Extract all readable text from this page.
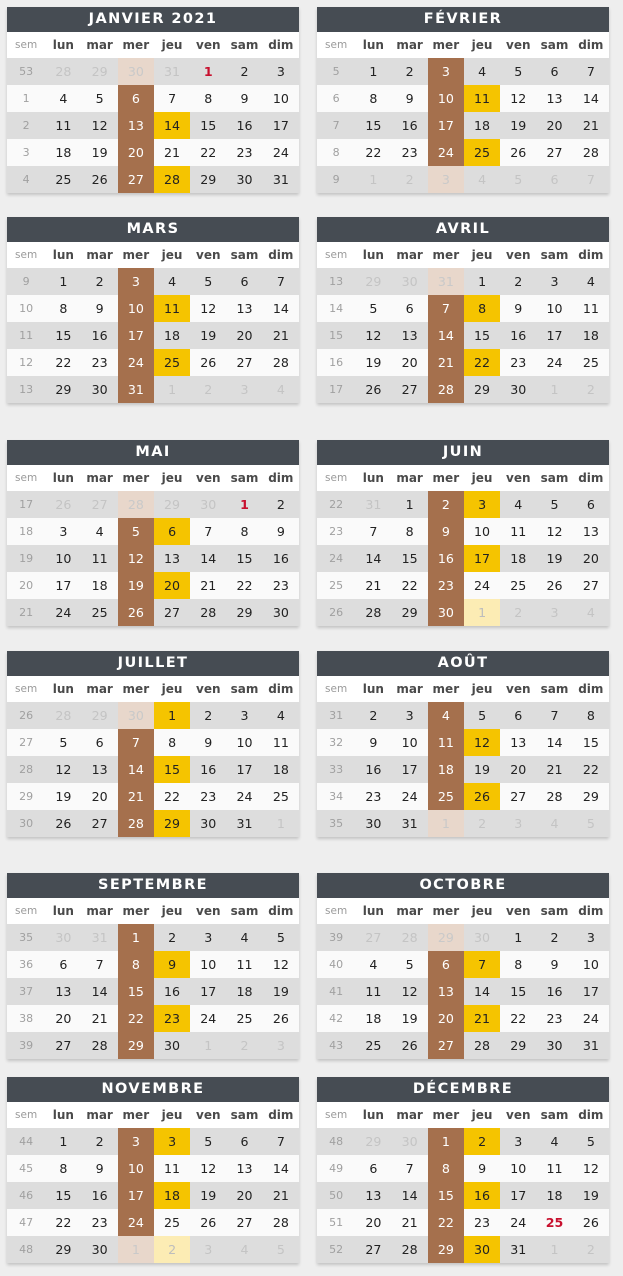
JANVIER 2021
sem	lun	mar	mer	jeu	ven	sam	dim
53	28	29	30	31	1	2	3
1	4	5	6	7	8	9	10
2	11	12	13	14	15	16	17
3	18	19	20	21	22	23	24
4	25	26	27	28	29	30	31
FÉVRIER
sem	lun	mar	mer	jeu	ven	sam	dim
5	1	2	3	4	5	6	7
6	8	9	10	11	12	13	14
7	15	16	17	18	19	20	21
8	22	23	24	25	26	27	28
9	1	2	3	4	5	6	7
MARS
sem	lun	mar	mer	jeu	ven	sam	dim
9	1	2	3	4	5	6	7
10	8	9	10	11	12	13	14
11	15	16	17	18	19	20	21
12	22	23	24	25	26	27	28
13	29	30	31	1	2	3	4
AVRIL
sem	lun	mar	mer	jeu	ven	sam	dim
13	29	30	31	1	2	3	4
14	5	6	7	8	9	10	11
15	12	13	14	15	16	17	18
16	19	20	21	22	23	24	25
17	26	27	28	29	30	1	2
MAI
sem	lun	mar	mer	jeu	ven	sam	dim
17	26	27	28	29	30	1	2
18	3	4	5	6	7	8	9
19	10	11	12	13	14	15	16
20	17	18	19	20	21	22	23
21	24	25	26	27	28	29	30
JUIN
sem	lun	mar	mer	jeu	ven	sam	dim
22	31	1	2	3	4	5	6
23	7	8	9	10	11	12	13
24	14	15	16	17	18	19	20
25	21	22	23	24	25	26	27
26	28	29	30	1	2	3	4
JUILLET
sem	lun	mar	mer	jeu	ven	sam	dim
26	28	29	30	1	2	3	4
27	5	6	7	8	9	10	11
28	12	13	14	15	16	17	18
29	19	20	21	22	23	24	25
30	26	27	28	29	30	31	1
AOÛT
sem	lun	mar	mer	jeu	ven	sam	dim
31	2	3	4	5	6	7	8
32	9	10	11	12	13	14	15
33	16	17	18	19	20	21	22
34	23	24	25	26	27	28	29
35	30	31	1	2	3	4	5
SEPTEMBRE
sem	lun	mar	mer	jeu	ven	sam	dim
35	30	31	1	2	3	4	5
36	6	7	8	9	10	11	12
37	13	14	15	16	17	18	19
38	20	21	22	23	24	25	26
39	27	28	29	30	1	2	3
OCTOBRE
sem	lun	mar	mer	jeu	ven	sam	dim
39	27	28	29	30	1	2	3
40	4	5	6	7	8	9	10
41	11	12	13	14	15	16	17
42	18	19	20	21	22	23	24
43	25	26	27	28	29	30	31
NOVEMBRE
sem	lun	mar	mer	jeu	ven	sam	dim
44	1	2	3	3	5	6	7
45	8	9	10	11	12	13	14
46	15	16	17	18	19	20	21
47	22	23	24	25	26	27	28
48	29	30	1	2	3	4	5
DÉCEMBRE
sem	lun	mar	mer	jeu	ven	sam	dim
48	29	30	1	2	3	4	5
49	6	7	8	9	10	11	12
50	13	14	15	16	17	18	19
51	20	21	22	23	24	25	26
52	27	28	29	30	31	1	2
